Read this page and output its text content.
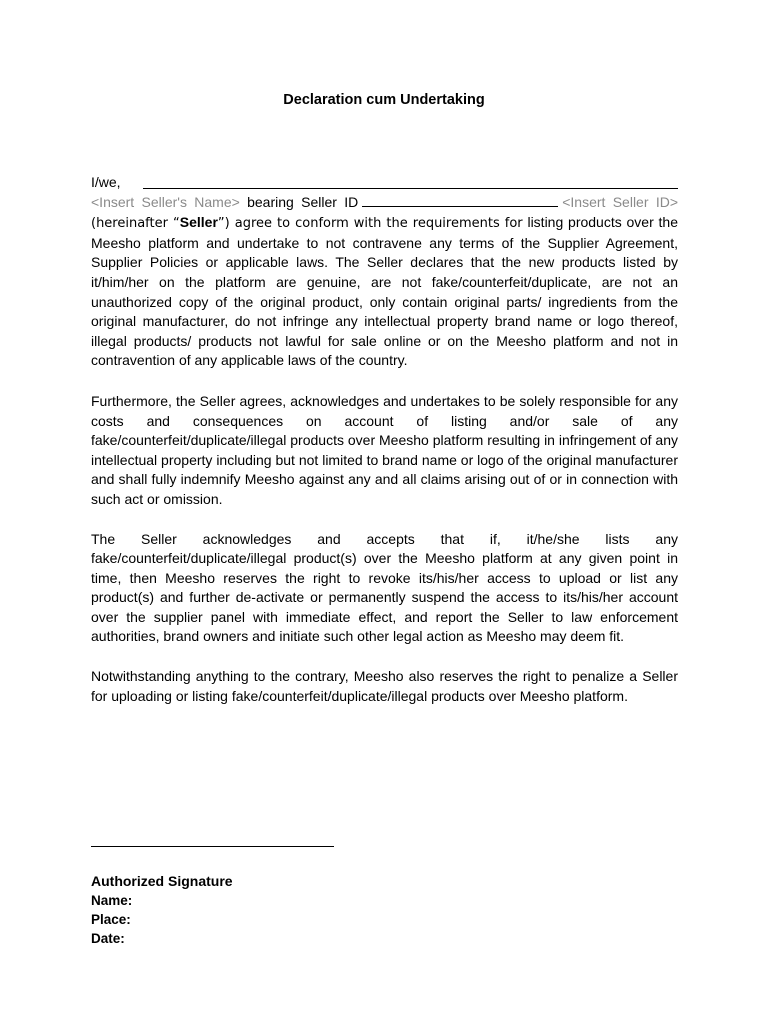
Declaration cum Undertaking

I/we,
<Insert Seller's Name> bearing Seller ID	<Insert Seller ID> (hereinafter “Seller”) agree to conform with the requirements for listing products over the Meesho platform and undertake to not contravene any terms of the Supplier Agreement, Supplier Policies or applicable laws. The Seller declares that the new products listed by it/him/her on the platform are genuine, are not fake/counterfeit/duplicate, are not an unauthorized copy of the original product, only contain original parts/ ingredients from the original manufacturer, do not infringe any intellectual property brand name or logo thereof, illegal products/ products not lawful for sale online or on the Meesho platform and not in contravention of any applicable laws of the country.

Furthermore, the Seller agrees, acknowledges and undertakes to be solely responsible for any costs and consequences on account of listing and/or sale of any fake/counterfeit/duplicate/illegal products over Meesho platform resulting in infringement of any intellectual property including but not limited to brand name or logo of the original manufacturer and shall fully indemnify Meesho against any and all claims arising out of or in connection with such act or omission.

The Seller acknowledges and accepts that if, it/he/she lists any fake/counterfeit/duplicate/illegal product(s) over the Meesho platform at any given point in time, then Meesho reserves the right to revoke its/his/her access to upload or list any product(s) and further de-activate or permanently suspend the access to its/his/her account over the supplier panel with immediate effect, and report the Seller to law enforcement authorities, brand owners and initiate such other legal action as Meesho may deem fit.

Notwithstanding anything to the contrary, Meesho also reserves the right to penalize a Seller for uploading or listing fake/counterfeit/duplicate/illegal products over Meesho platform.

Authorized Signature
Name:
Place:
Date:
